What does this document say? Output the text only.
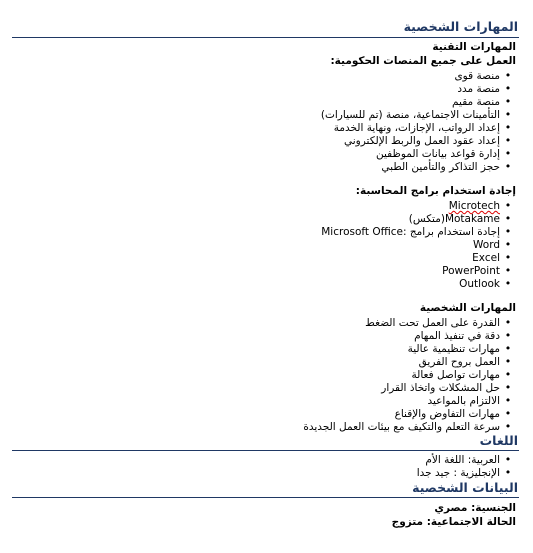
المهارات الشخصية
المهارات التقنية
العمل على جميع المنصات الحكومية:
•منصة قوى
•منصة مدد
•منصة مقيم
•التأمينات الاجتماعية، منصة (تم للسيارات)
•إعداد الرواتب، الإجازات، ونهاية الخدمة
•إعداد عقود العمل والربط الإلكتروني
•إدارة قواعد بيانات الموظفين
•حجز التذاكر والتأمين الطبي
إجادة استخدام برامج المحاسبة:
•Microtech
•Motakame(متكس)
•إجادة استخدام برامج :Microsoft Office
•Word
•Excel
•PowerPoint
•Outlook
المهارات الشخصية
•القدرة على العمل تحت الضغط
•دقة في تنفيذ المهام
•مهارات تنظيمية عالية
•العمل بروح الفريق
•مهارات تواصل فعالة
•حل المشكلات واتخاذ القرار
•الالتزام بالمواعيد
•مهارات التفاوض والإقناع
•سرعة التعلم والتكيف مع بيئات العمل الجديدة
اللغات
•العربية: اللغة الأم
•الإنجليزية : جيد جدا
البيانات الشخصية
الجنسية: مصري
الحالة الاجتماعية: متزوج
